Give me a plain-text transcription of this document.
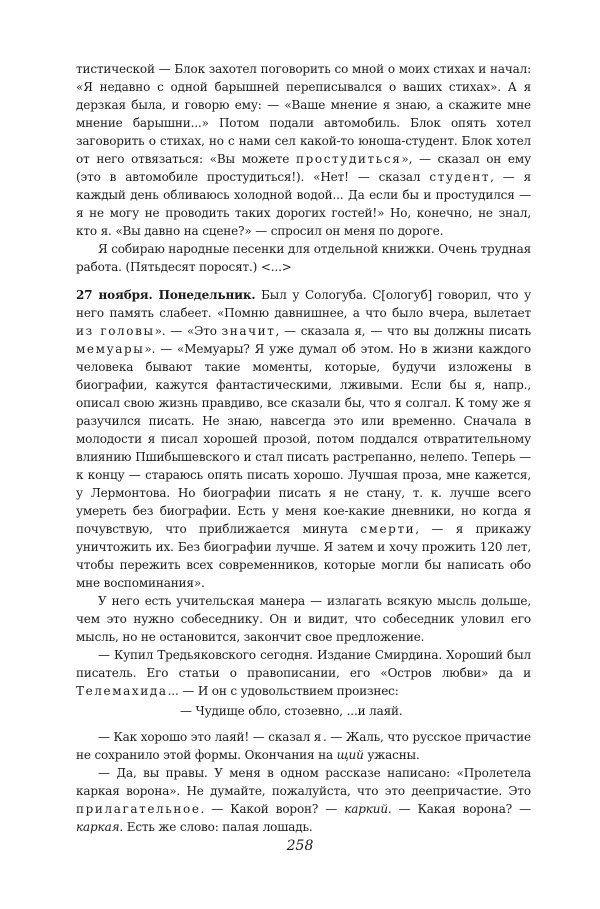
тистической — Блок захотел поговорить со мной о моих стихах и начал: «Я недавно с одной барышней переписывался о ваших стихах». А я дерзкая была, и говорю ему: — «Ваше мнение я знаю, а скажите мне мнение барышни...» Потом подали автомобиль. Блок опять хотел заговорить о стихах, но с нами сел какой-то юноша-студент. Блок хотел от него отвязаться: «Вы можете простудиться», — сказал он ему (это в автомобиле простудиться!). «Нет! — сказал студент, — я каждый день обливаюсь холодной водой... Да если бы и простудился — я не могу не проводить таких дорогих гостей!» Но, конечно, не знал, кто я. «Вы давно на сцене?» — спросил он меня по дороге.

Я собираю народные песенки для отдельной книжки. Очень трудная работа. (Пятьдесят поросят.) <...>

27 ноября. Понедельник. Был у Сологуба. С[ологуб] говорил, что у него память слабеет. «Помню давнишнее, а что было вчера, вылетает из головы». — «Это значит, — сказала я, — что вы должны писать мемуары». — «Мемуары? Я уже думал об этом. Но в жизни каждого человека бывают такие моменты, которые, будучи изложены в биографии, кажутся фантастическими, лживыми. Если бы я, напр., описал свою жизнь правдиво, все сказали бы, что я солгал. К тому же я разучился писать. Не знаю, навсегда это или временно. Сначала в молодости я писал хорошей прозой, потом поддался отвратительному влиянию Пшибышевского и стал писать растрепанно, нелепо. Теперь — к концу — стараюсь опять писать хорошо. Лучшая проза, мне кажется, у Лермонтова. Но биографии писать я не стану, т. к. лучше всего умереть без биографии. Есть у меня кое-какие дневники, но когда я почувствую, что приближается минута смерти, — я прикажу уничтожить их. Без биографии лучше. Я затем и хочу прожить 120 лет, чтобы пережить всех современников, которые могли бы написать обо мне воспоминания».

У него есть учительская манера — излагать всякую мысль дольше, чем это нужно собеседнику. Он и видит, что собеседник уловил его мысль, но не остановится, закончит свое предложение.

— Купил Тредьяковского сегодня. Издание Смирдина. Хороший был писатель. Его статьи о правописании, его «Остров любви» да и Телемахида... — И он с удовольствием произнес:

— Чудище обло, стозевно, ...и лаяй.

— Как хорошо это лаяй! — сказал я. — Жаль, что русское причастие не сохранило этой формы. Окончания на щий ужасны.

— Да, вы правы. У меня в одном рассказе написано: «Пролетела каркая ворона». Не думайте, пожалуйста, что это деепричастие. Это прилагательное. — Какой ворон? — каркий. — Какая ворона? — каркая. Есть же слово: палая лошадь.

258
